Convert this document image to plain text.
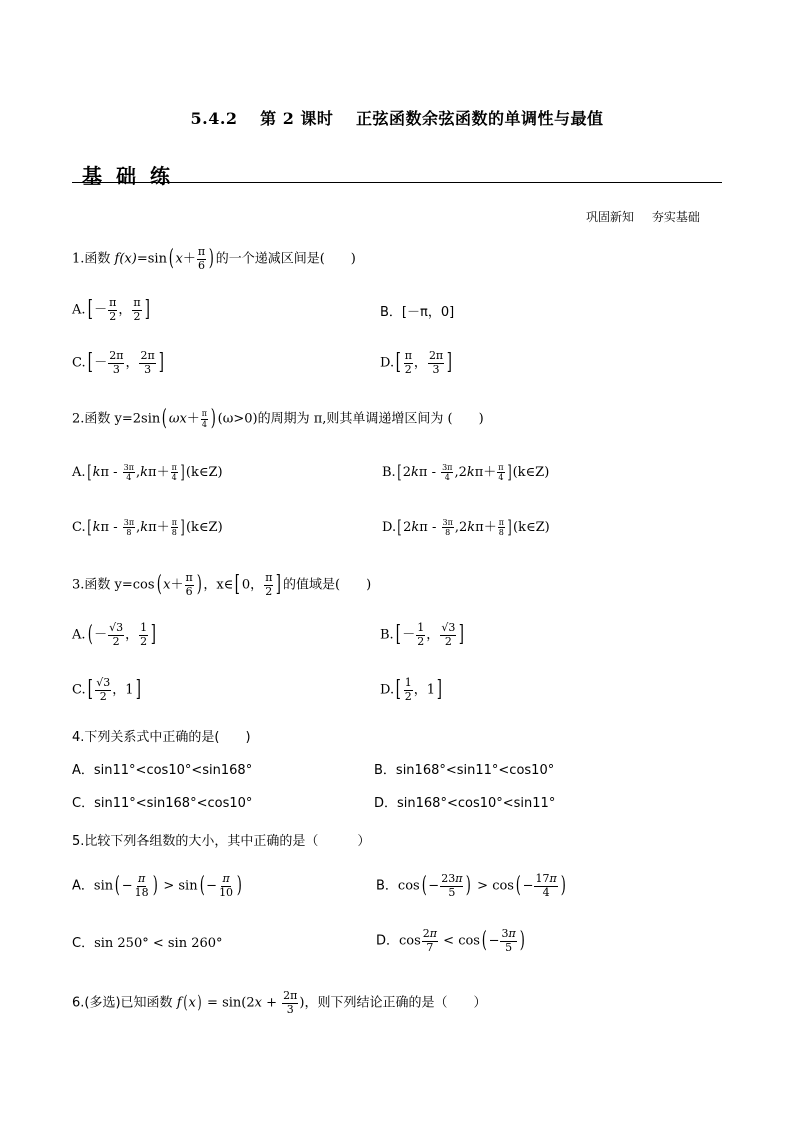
5.4.2　 第 2 课时　 正弦函数余弦函数的单调性与最值
基础练
巩固新知 夯实基础
1.函数 f(x)=sin( $x+ \frac{\pi}{6}$ ) 的一个递减区间是(　　)
$A.[ - \frac{\pi}{2}$ ， $\frac{\pi}{2}$ ]	B．[－π，0]
$C.[ - \frac{2\pi}{3}$ ， $\frac{2\pi}{3}$ ]	$D.[ \frac{\pi}{2}$ ， $\frac{2\pi}{3}$ ]
2.函数 y=2sin( $\omega x+ \frac{\pi}{4}$ ) (ω>0)的周期为 π,则其单调递增区间为 (　　)
$A.[k\pi - \frac{3\pi}{4} ,k\pi+ \frac{\pi}{4}$ ](k∈Z)	$B.[2k\pi - \frac{3\pi}{4} ,2k\pi+ \frac{\pi}{4}$ ](k∈Z)
$C.[k\pi - \frac{3\pi}{8} ,k\pi+ \frac{\pi}{8}$ ](k∈Z)	$D.[2k\pi - \frac{3\pi}{8} ,2k\pi+ \frac{\pi}{8}$ ](k∈Z)
3.函数 y=cos( $x+ \frac{\pi}{6}$ ) ，x∈[ 0， $\frac{\pi}{2}$ ] 的值域是(　　)
$A.( - \frac{√3}{2}$ ， $\frac{1}{2}$ ]	$B.[ - \frac{1}{2}$ ， $\frac{√3}{2}$ ]
$C.[ \frac{√3}{2}$ ，1]	$D.[ \frac{1}{2}$ ，1]
4.下列关系式中正确的是(　　)
A．sin11°<cos10°<sin168°	B．sin168°<sin11°<cos10°
C．sin11°<sin168°<cos10°	D．sin168°<cos10°<sin11°
5.比较下列各组数的大小，其中正确的是（　　　）
A．$\sin( - \frac{\pi}{18}$ ) > $\sin( - \frac{\pi}{10}$ )	B．$\cos( - \frac{23\pi}{5}$ ) > $\cos( - \frac{17\pi}{4}$ )
C．sin 250° < sin 260°	D．$\cos \frac{2\pi}{7} < \cos( - \frac{3\pi}{5}$ )
6.(多选)已知函数 $f(x) = \sin(2x + \frac{2\pi}{3}$ )，则下列结论正确的是（　　）
